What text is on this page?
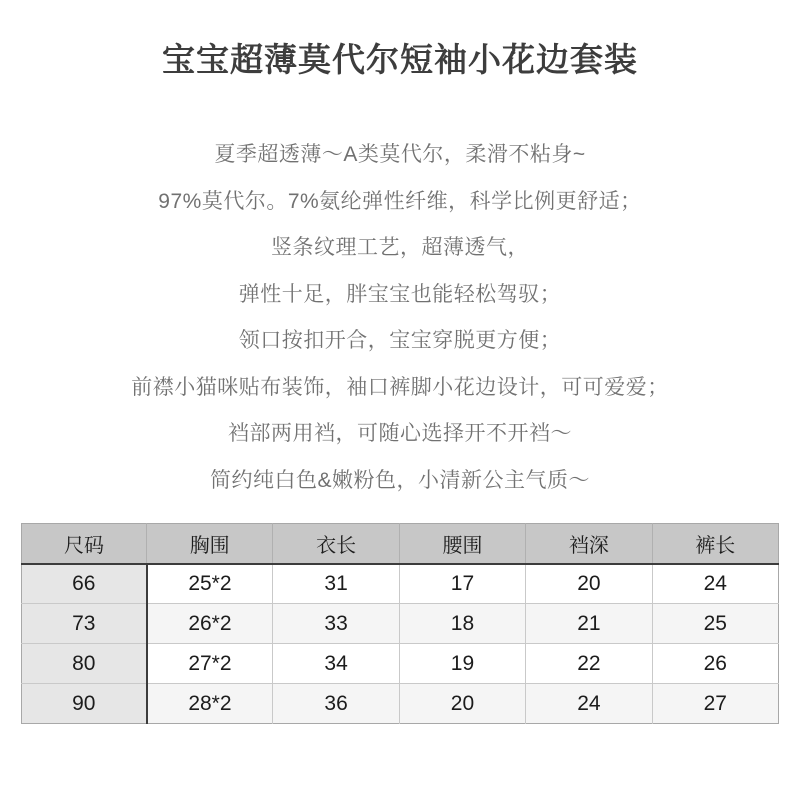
宝宝超薄莫代尔短袖小花边套装

夏季超透薄～A类莫代尔，柔滑不粘身~

97%莫代尔。7%氨纶弹性纤维，科学比例更舒适；

竖条纹理工艺，超薄透气，

弹性十足，胖宝宝也能轻松驾驭；

领口按扣开合，宝宝穿脱更方便；

前襟小猫咪贴布装饰，袖口裤脚小花边设计，可可爱爱；

裆部两用裆，可随心选择开不开裆～

简约纯白色&嫩粉色，小清新公主气质～

尺码	胸围	衣长	腰围	裆深	裤长
66	25*2	31	17	20	24
73	26*2	33	18	21	25
80	27*2	34	19	22	26
90	28*2	36	20	24	27
